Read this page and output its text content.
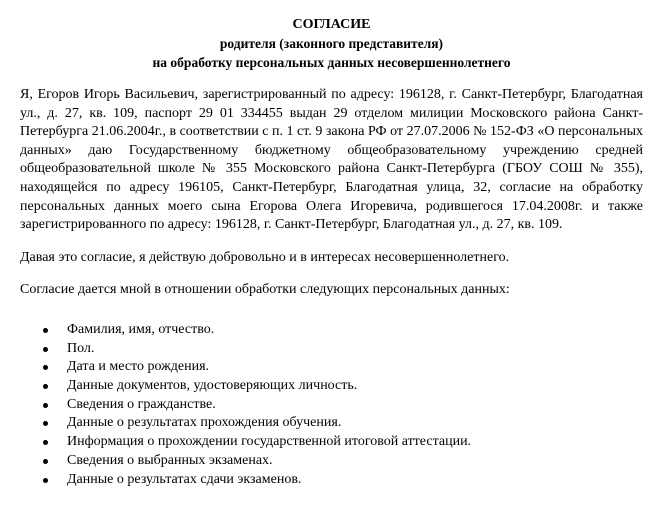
СОГЛАСИЕ
родителя (законного представителя)
на обработку персональных данных несовершеннолетнего

Я, Егоров Игорь Васильевич, зарегистрированный по адресу: 196128, г. Санкт-Петербург, Благодатная ул., д. 27, кв. 109, паспорт 29 01 334455 выдан 29 отделом милиции Московского района Санкт-Петербурга 21.06.2004г., в соответствии с п. 1 ст. 9 закона РФ от 27.07.2006 № 152-ФЗ «О персональных данных» даю Государственному бюджетному общеобразовательному учреждению средней общеобразовательной школе № 355 Московского района Санкт-Петербурга (ГБОУ СОШ № 355), находящейся по адресу 196105, Санкт-Петербург, Благодатная улица, 32, согласие на обработку персональных данных моего сына Егорова Олега Игоревича, родившегося 17.04.2008г. и также зарегистрированного по адресу: 196128, г. Санкт-Петербург, Благодатная ул., д. 27, кв. 109.

Давая это согласие, я действую добровольно и в интересах несовершеннолетнего.

Согласие дается мной в отношении обработки следующих персональных данных:

Фамилия, имя, отчество.
Пол.
Дата и место рождения.
Данные документов, удостоверяющих личность.
Сведения о гражданстве.
Данные о результатах прохождения обучения.
Информация о прохождении государственной итоговой аттестации.
Сведения о выбранных экзаменах.
Данные о результатах сдачи экзаменов.
